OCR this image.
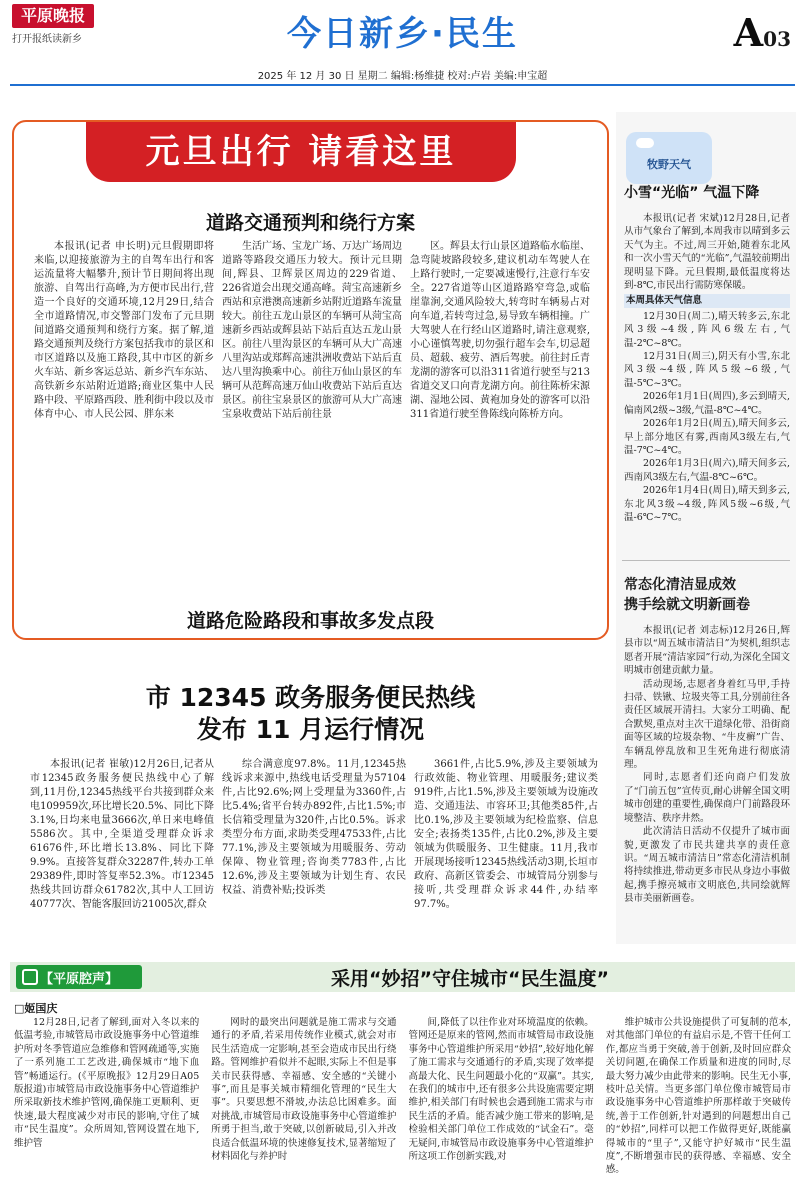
平原晚报
打开报纸读新乡	今日新乡·民生	A03
2025 年 12 月 30 日 星期二 编辑:杨维捷 校对:卢岩 美编:申宝超
元旦出行 请看这里
道路交通预判和绕行方案

本报讯(记者 申长明)元旦假期即将来临,以迎接旅游为主的自驾车出行和客运流量将大幅攀升,预计节日期间将出现旅游、自驾出行高峰,为方便市民出行,营造一个良好的交通环境,12月29日,结合全市道路情况,市交警部门发布了元旦期间道路交通预判和绕行方案。据了解,道路交通预判及绕行方案包括我市的景区和市区道路以及施工路段,其中市区的新乡火车站、新乡客运总站、新乡汽车东站、高铁新乡东站附近道路;商业区集中人民路中段、平原路西段、胜利街中段以及市体育中心、市人民公园、胖东来

生活广场、宝龙广场、万达广场周边道路等路段交通压力较大。预计元旦期间,辉县、卫辉景区周边的229省道、226省道会出现交通高峰。菏宝高速新乡西站和京港澳高速新乡站附近道路车流量较大。前往五龙山景区的车辆可从菏宝高速新乡西站或辉县站下站后直达五龙山景区。前往八里沟景区的车辆可从大广高速八里沟站或郑辉高速洪洲收费站下站后直达八里沟换乘中心。前往万仙山景区的车辆可从范辉高速万仙山收费站下站后直达景区。前往宝泉景区的旅游可从大广高速宝泉收费站下站后前往景

区。辉县太行山景区道路临水临崖、急弯陡坡路段较多,建议机动车驾驶人在上路行驶时,一定要减速慢行,注意行车安全。227省道等山区道路路窄弯急,或临崖靠涧,交通风险较大,转弯时车辆易占对向车道,若转弯过急,易导致车辆相撞。广大驾驶人在行经山区道路时,请注意观察,小心谨慎驾驶,切勿强行超车会车,切忌超员、超载、疲劳、酒后驾驶。前往封丘青龙湖的游客可以沿311省道行驶至与213省道交叉口向青龙湖方向。前往陈桥宋源湖、湿地公园、黄袍加身处的游客可以沿311省道行驶至鲁陈线向陈桥方向。

道路危险路段和事故多发点段

市 12345 政务服务便民热线
发布 11 月运行情况

本报讯(记者 崔敏)12月26日,记者从市12345政务服务便民热线中心了解到,11月份,12345热线平台共接到群众来电109959次,环比增长20.5%、同比下降3.1%,日均来电量3666次,单日来电峰值5586次。其中,全渠道受理群众诉求61676件,环比增长13.8%、同比下降9.9%。直接答复群众32287件,转办工单29389件,即时答复率52.3%。市12345热线共回访群众61782次,其中人工回访40777次、智能客服回访21005次,群众

综合满意度97.8%。11月,12345热线诉求来源中,热线电话受理量为57104件,占比92.6%;网上受理量为3360件,占比5.4%;省平台转办892件,占比1.5%;市长信箱受理量为320件,占比0.5%。诉求类型分布方面,求助类受理47533件,占比77.1%,涉及主要领域为用暖服务、劳动保障、物业管理;咨询类7783件,占比12.6%,涉及主要领域为计划生育、农民权益、消费补贴;投诉类

3661件,占比5.9%,涉及主要领域为行政效能、物业管理、用暖服务;建议类919件,占比1.5%,涉及主要领域为设施改造、交通违法、市容环卫;其他类85件,占比0.1%,涉及主要领域为纪检监察、信息安全;表扬类135件,占比0.2%,涉及主要领域为供暖服务、卫生健康。11月,我市开展现场接听12345热线活动3期,长垣市政府、高新区管委会、市城管局分别参与接听,共受理群众诉求44件,办结率97.7%。

牧野天气
小雪“光临” 气温下降

本报讯(记者 宋斌)12月28日,记者从市气象台了解到,本周我市以晴到多云天气为主。不过,周三开始,随着东北风和一次小雪天气的“光临”,气温较前期出现明显下降。元旦假期,最低温度将达到-8℃,市民出行需防寒保暖。

本周具体天气信息

12月30日(周二),晴天转多云,东北风3级~4级,阵风6级左右,气温-2℃~8℃。

12月31日(周三),阴天有小雪,东北风3级~4级,阵风5级~6级,气温-5℃~3℃。

2026年1月1日(周四),多云到晴天,偏南风2级~3级,气温-8℃~4℃。

2026年1月2日(周五),晴天间多云,早上部分地区有雾,西南风3级左右,气温-7℃~4℃。

2026年1月3日(周六),晴天间多云,西南风3级左右,气温-8℃~6℃。

2026年1月4日(周日),晴天到多云,东北风3级~4级,阵风5级~6级,气温-6℃~7℃。

常态化清洁显成效
携手绘就文明新画卷

本报讯(记者 刘志标)12月26日,辉县市以“周五城市清洁日”为契机,组织志愿者开展“清洁家园”行动,为深化全国文明城市创建贡献力量。

活动现场,志愿者身着红马甲,手持扫帚、铁锹、垃圾夹等工具,分别前往各责任区域展开清扫。大家分工明确、配合默契,重点对主次干道绿化带、沿街商面等区域的垃圾杂物、“牛皮癣”广告、车辆乱停乱放和卫生死角进行彻底清理。

同时,志愿者们还向商户们发放了“门前五包”宣传页,耐心讲解全国文明城市创建的重要性,确保商户门前路段环境整洁、秩序井然。

此次清洁日活动不仅提升了城市面貌,更激发了市民共建共享的责任意识。“周五城市清洁日”常态化清洁机制将持续推进,带动更多市民从身边小事做起,携手擦亮城市文明底色,共同绘就辉县市美丽新画卷。

【平原腔声】	采用“妙招”守住城市“民生温度”
□姬国庆

12月28日,记者了解到,面对入冬以来的低温考验,市城管局市政设施事务中心管道维护所对冬季管道应急维修和管网疏通等,实施了一系列施工工艺改进,确保城市“地下血管”畅通运行。(《平原晚报》12月29日A05版报道)市城管局市政设施事务中心管道维护所采取新技术维护管网,确保施工更顺利、更快速,最大程度减少对市民的影响,守住了城市“民生温度”。众所周知,管网设置在地下,维护管

网时的最突出问题就是施工需求与交通通行的矛盾,若采用传统作业模式,就会对市民生活造成一定影响,甚至会造成市民出行绕路。管网维护看似并不起眼,实际上不但是事关市民获得感、幸福感、安全感的“关键小事”,而且是事关城市精细化管理的“民生大事”。只要思想不滑坡,办法总比困难多。面对挑战,市城管局市政设施事务中心管道维护所勇于担当,敢于突破,以创新破局,引入并改良适合低温环境的快速修复技术,显著缩短了材料固化与养护时

间,降低了以往作业对环境温度的依赖。管网还是原来的管网,然而市城管局市政设施事务中心管道维护所采用“妙招”,较好地化解了施工需求与交通通行的矛盾,实现了效率提高最大化、民生问题最小化的“双赢”。其实,在我们的城市中,还有很多公共设施需要定期维护,相关部门有时候也会遇到施工需求与市民生活的矛盾。能否减少施工带来的影响,是检验相关部门单位工作成效的“试金石”。毫无疑问,市城管局市政设施事务中心管道维护所这项工作创新实践,对

维护城市公共设施提供了可复制的范本,对其他部门单位的有益启示是,不管干任何工作,都应当勇于突破,善于创新,及时回应群众关切问题,在确保工作质量和进度的同时,尽最大努力减少由此带来的影响。民生无小事,枝叶总关情。当更多部门单位像市城管局市政设施事务中心管道维护所那样敢于突破传统,善于工作创新,针对遇到的问题想出自己的“妙招”,同样可以把工作做得更好,既能赢得城市的“里子”,又能守护好城市“民生温度”,不断增强市民的获得感、幸福感、安全感。
